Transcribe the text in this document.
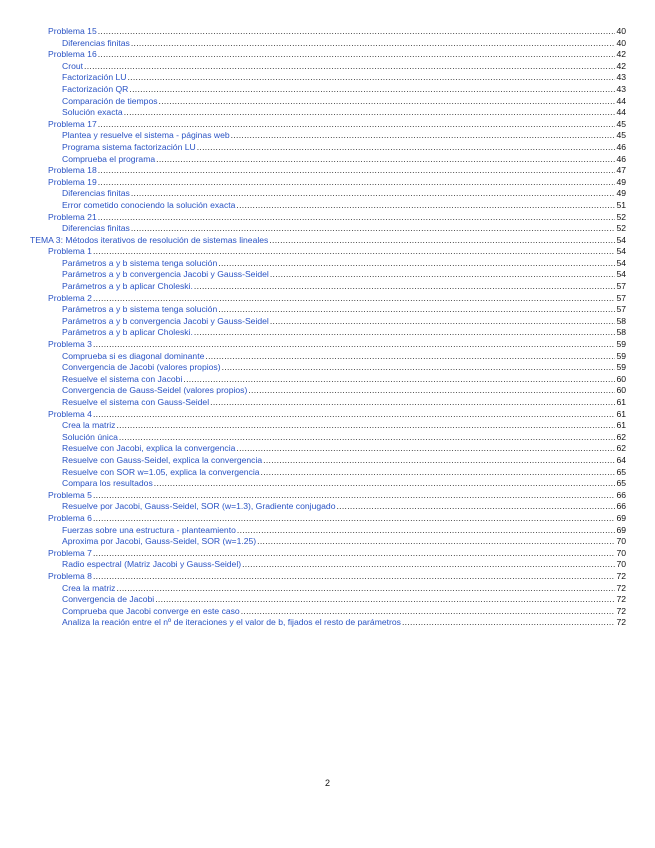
Problema 15 .....	40
Diferencias finitas .....	40
Problema 16 .....	42
Crout .....	42
Factorización LU .....	43
Factorización QR .....	43
Comparación de tiempos .....	44
Solución exacta .....	44
Problema 17 .....	45
Plantea y resuelve el sistema - páginas web .....	45
Programa sistema factorización LU .....	46
Comprueba el programa .....	46
Problema 18 .....	47
Problema 19 .....	49
Diferencias finitas .....	49
Error cometido conociendo la solución exacta .....	51
Problema 21 .....	52
Diferencias finitas .....	52
TEMA 3: Métodos iterativos de resolución de sistemas lineales .....	54
Problema 1 .....	54
Parámetros a y b sistema tenga solución .....	54
Parámetros a y b convergencia Jacobi y Gauss-Seidel .....	54
Parámetros a y b aplicar Choleski. .....	57
Problema 2 .....	57
Parámetros a y b sistema tenga solución .....	57
Parámetros a y b convergencia Jacobi y Gauss-Seidel .....	58
Parámetros a y b aplicar Choleski. .....	58
Problema 3 .....	59
Comprueba si es diagonal dominante .....	59
Convergencia de Jacobi (valores propios) .....	59
Resuelve el sistema con Jacobi .....	60
Convergencia de Gauss-Seidel (valores propios) .....	60
Resuelve el sistema con Gauss-Seidel .....	61
Problema 4 .....	61
Crea la matriz .....	61
Solución única .....	62
Resuelve con Jacobi, explica la convergencia .....	62
Resuelve con Gauss-Seidel, explica la convergencia .....	64
Resuelve con SOR w=1.05, explica la convergencia .....	65
Compara los resultados .....	65
Problema 5 .....	66
Resuelve por Jacobi, Gauss-Seidel, SOR (w=1.3), Gradiente conjugado .....	66
Problema 6 .....	69
Fuerzas sobre una estructura - planteamiento .....	69
Aproxima por Jacobi, Gauss-Seidel, SOR (w=1.25) .....	70
Problema 7 .....	70
Radio espectral (Matriz Jacobi y Gauss-Seidel) .....	70
Problema 8 .....	72
Crea la matriz .....	72
Convergencia de Jacobi .....	72
Comprueba que Jacobi converge en este caso .....	72
Analiza la reación entre el nº de iteraciones y el valor de b, fijados el resto de parámetros .....	72
2
